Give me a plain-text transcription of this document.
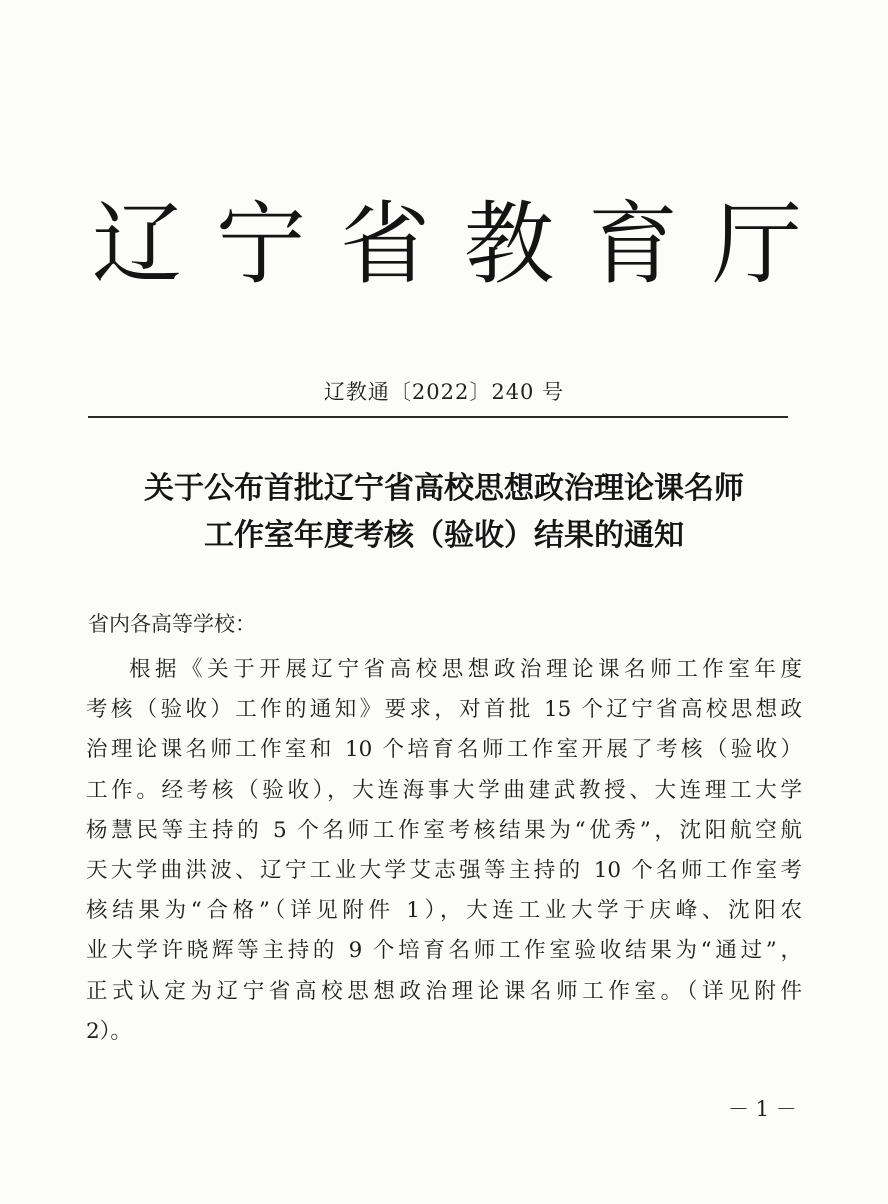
辽 宁 省 教 育 厅
辽教通〔2022〕240 号
关于公布首批辽宁省高校思想政治理论课名师
工作室年度考核（验收）结果的通知
省内各高等学校：
根据《关于开展辽宁省高校思想政治理论课名师工作室年度
考核（验收）工作的通知》要求，对首批 15 个辽宁省高校思想政
治理论课名师工作室和 10 个培育名师工作室开展了考核（验收）
工作。经考核（验收），大连海事大学曲建武教授、大连理工大学
杨慧民等主持的 5 个名师工作室考核结果为“优秀”，沈阳航空航
天大学曲洪波、辽宁工业大学艾志强等主持的 10 个名师工作室考
核结果为“合格”（详见附件 1），大连工业大学于庆峰、沈阳农
业大学许晓辉等主持的 9 个培育名师工作室验收结果为“通过”，
正式认定为辽宁省高校思想政治理论课名师工作室。（详见附件
2）。
－ 1 －
